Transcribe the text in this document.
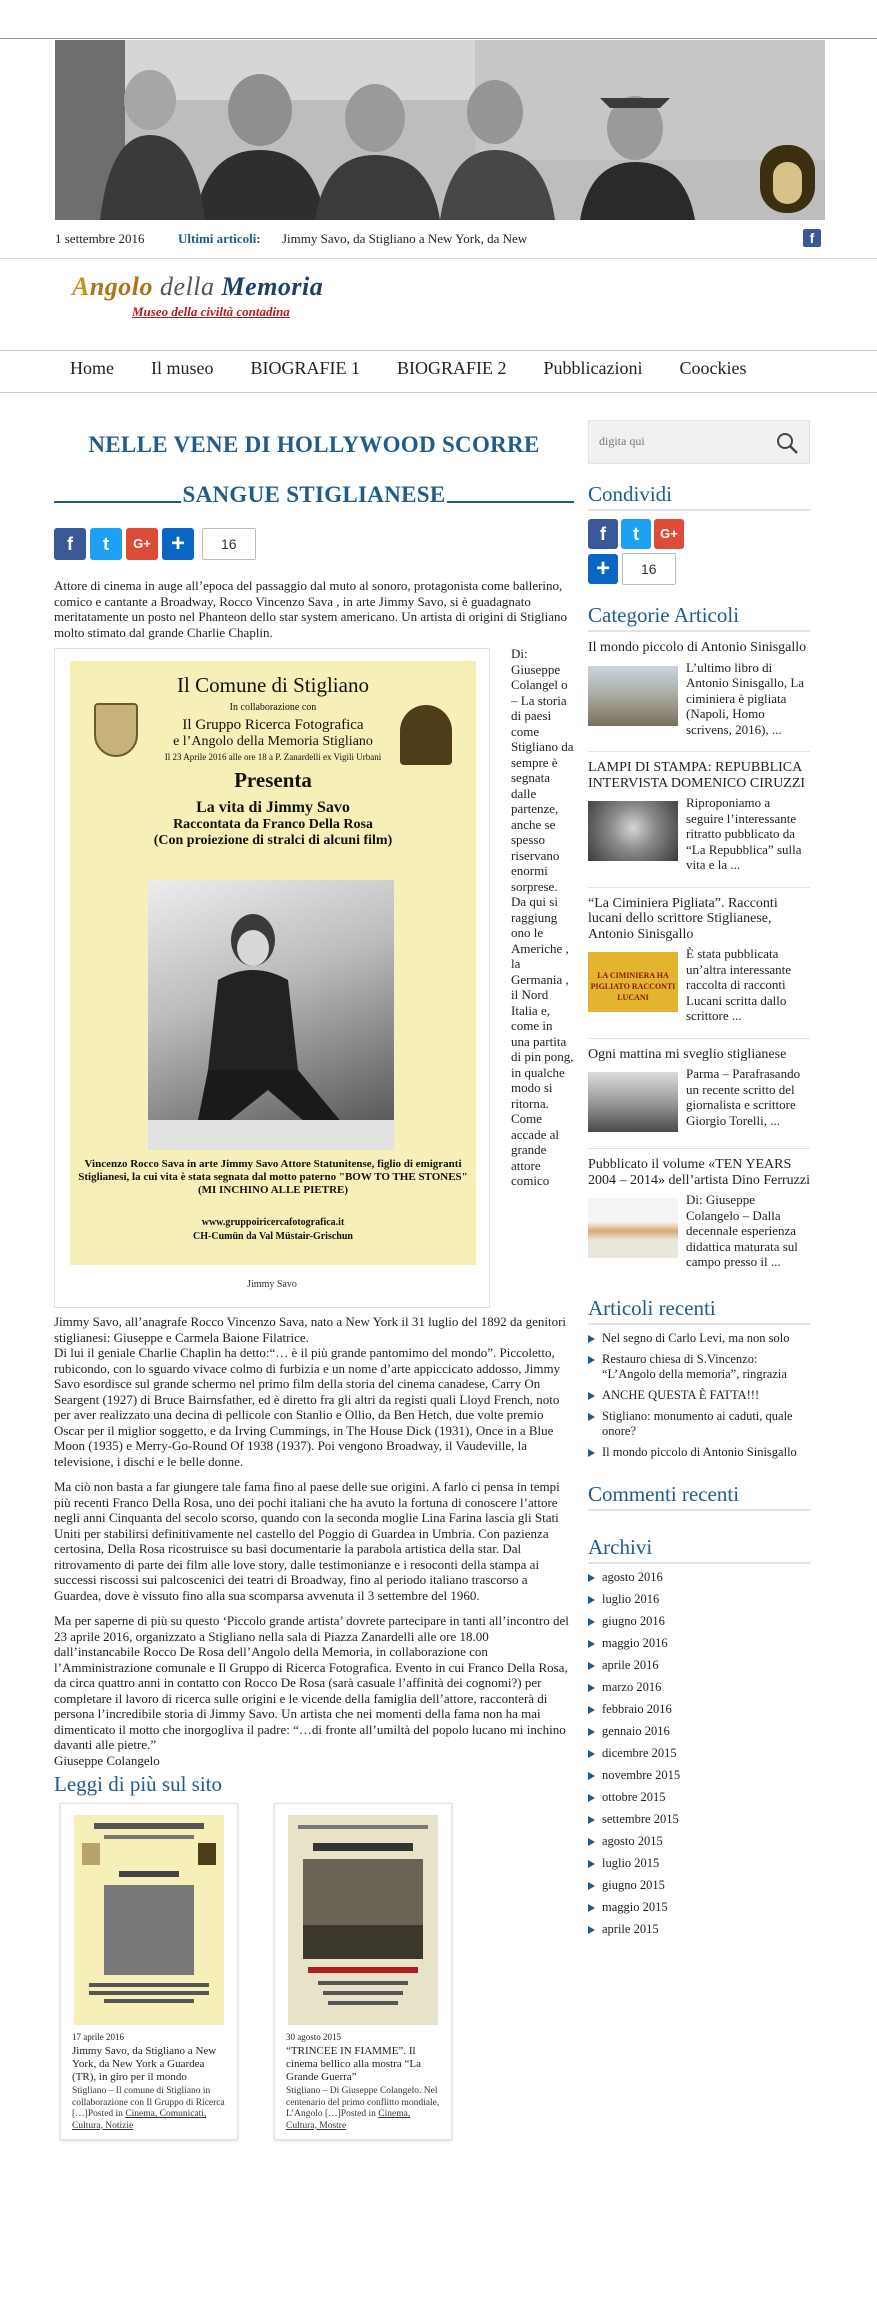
1 settembre 2016	Ultimi articoli: Jimmy Savo, da Stigliano a New York, da New	f
Angolo della Memoria
Museo della civiltà contadina
Home Il museo BIOGRAFIE 1 BIOGRAFIE 2 Pubblicazioni Coockies
NELLE VENE DI HOLLYWOOD SCORRE
SANGUE STIGLIANESE
f	t	G+ +	16
Attore di cinema in auge all’epoca del passaggio dal muto al sonoro, protagonista come ballerino, comico e cantante a Broadway, Rocco Vincenzo Sava , in arte Jimmy Savo, si è guadagnato meritatamente un posto nel Phanteon dello star system americano. Un artista di origini di Stigliano molto stimato dal grande Charlie Chaplin.
Il Comune di Stigliano
In collaborazione con
Il Gruppo Ricerca Fotografica
e l’Angolo della Memoria Stigliano
Il 23 Aprile 2016 alle ore 18 a P. Zanardelli ex Vigili Urbani
Presenta
La vita di Jimmy Savo
Raccontata da Franco Della Rosa
(Con proiezione di stralci di alcuni film)
Vincenzo Rocco Sava in arte Jimmy Savo Attore Statunitense, figlio di emigranti Stiglianesi, la cui vita è stata segnata dal motto paterno "BOW TO THE STONES" (MI INCHINO ALLE PIETRE)
www.gruppoiricercafotografica.it
CH-Cumün da Val Müstair-Grischun
Jimmy Savo
Di: Giuseppe Colangel o – La storia di paesi come Stigliano da sempre è segnata dalle partenze, anche se spesso riservano enormi sorprese. Da qui si raggiung ono le Americhe , la Germania , il Nord Italia e, come in una partita di pin pong, in qualche modo si ritorna. Come accade al grande attore comico
Jimmy Savo, all’anagrafe Rocco Vincenzo Sava, nato a New York il 31 luglio del 1892 da genitori stiglianesi: Giuseppe e Carmela Baione Filatrice.
Di lui il geniale Charlie Chaplin ha detto:“… è il più grande pantomimo del mondo”. Piccoletto, rubicondo, con lo sguardo vivace colmo di furbizia e un nome d’arte appiccicato addosso, Jimmy Savo esordisce sul grande schermo nel primo film della storia del cinema canadese, Carry On Seargent (1927) di Bruce Bairnsfather, ed è diretto fra gli altri da registi quali Lloyd French, noto per aver realizzato una decina di pellicole con Stanlio e Ollio, da Ben Hetch, due volte premio Oscar per il miglior soggetto, e da Irving Cummings, in The House Dick (1931), Once in a Blue Moon (1935) e Merry-Go-Round Of 1938 (1937). Poi vengono Broadway, il Vaudeville, la televisione, i dischi e le belle donne.
Ma ciò non basta a far giungere tale fama fino al paese delle sue origini. A farlo ci pensa in tempi più recenti Franco Della Rosa, uno dei pochi italiani che ha avuto la fortuna di conoscere l’attore negli anni Cinquanta del secolo scorso, quando con la seconda moglie Lina Farina lascia gli Stati Uniti per stabilirsi definitivamente nel castello del Poggio di Guardea in Umbria. Con pazienza certosina, Della Rosa ricostruisce su basi documentarie la parabola artistica della star. Dal ritrovamento di parte dei film alle love story, dalle testimonianze e i resoconti della stampa ai successi riscossi sui palcoscenici dei teatri di Broadway, fino al periodo italiano trascorso a Guardea, dove è vissuto fino alla sua scomparsa avvenuta il 3 settembre del 1960.
Ma per saperne di più su questo ‘Piccolo grande artista’ dovrete partecipare in tanti all’incontro del 23 aprile 2016, organizzato a Stigliano nella sala di Piazza Zanardelli alle ore 18.00 dall’instancabile Rocco De Rosa dell’Angolo della Memoria, in collaborazione con l’Amministrazione comunale e Il Gruppo di Ricerca Fotografica. Evento in cui Franco Della Rosa, da circa quattro anni in contatto con Rocco De Rosa (sarà casuale l’affinità dei cognomi?) per completare il lavoro di ricerca sulle origini e le vicende della famiglia dell’attore, racconterà di persona l’incredibile storia di Jimmy Savo. Un artista che nei momenti della fama non ha mai dimenticato il motto che inorgogliva il padre: “…di fronte all’umiltà del popolo lucano mi inchino davanti alle pietre.”
Giuseppe Colangelo
Leggi di più sul sito
17 aprile 2016
Jimmy Savo, da Stigliano a New York, da New York a Guardea (TR), in giro per il mondo
Stigliano – Il comune di Stigliano in collaborazione con Il Gruppo di Ricerca […]Posted in Cinema, Comunicati, Cultura, Notizie
30 agosto 2015
“TRINCEE IN FIAMME”. Il cinema bellico alla mostra “La Grande Guerra”
Stigliano – Di Giuseppe Colangelo. Nel centenario del primo conflitto mondiale, L’Angolo […]Posted in Cinema, Cultura, Mostre
digita qui
Condividi
f	t	G+
+	16
Categorie Articoli
Il mondo piccolo di Antonio Sinisgallo
L’ultimo libro di Antonio Sinisgallo, La ciminiera è pigliata (Napoli, Homo scrivens, 2016), ...
LAMPI DI STAMPA: REPUBBLICA INTERVISTA DOMENICO CIRUZZI
Riproponiamo a seguire l’interessante ritratto pubblicato da “La Repubblica” sulla vita e la ...
“La Ciminiera Pigliata”. Racconti lucani dello scrittore Stiglianese, Antonio Sinisgallo
LA CIMINIERA HA PIGLIATO RACCONTI LUCANI
È stata pubblicata un’altra interessante raccolta di racconti Lucani scritta dallo scrittore ...
Ogni mattina mi sveglio stiglianese
Parma – Parafrasando un recente scritto del giornalista e scrittore Giorgio Torelli, ...
Pubblicato il volume «TEN YEARS 2004 – 2014» dell’artista Dino Ferruzzi
Di: Giuseppe Colangelo – Dalla decennale esperienza didattica maturata sul campo presso il ...
Articoli recenti
Nel segno di Carlo Levi, ma non solo
Restauro chiesa di S.Vincenzo: “L’Angolo della memoria”, ringrazia
ANCHE QUESTA È FATTA!!!
Stigliano: monumento ai caduti, quale onore?
Il mondo piccolo di Antonio Sinisgallo
Commenti recenti
Archivi
agosto 2016
luglio 2016
giugno 2016
maggio 2016
aprile 2016
marzo 2016
febbraio 2016
gennaio 2016
dicembre 2015
novembre 2015
ottobre 2015
settembre 2015
agosto 2015
luglio 2015
giugno 2015
maggio 2015
aprile 2015
